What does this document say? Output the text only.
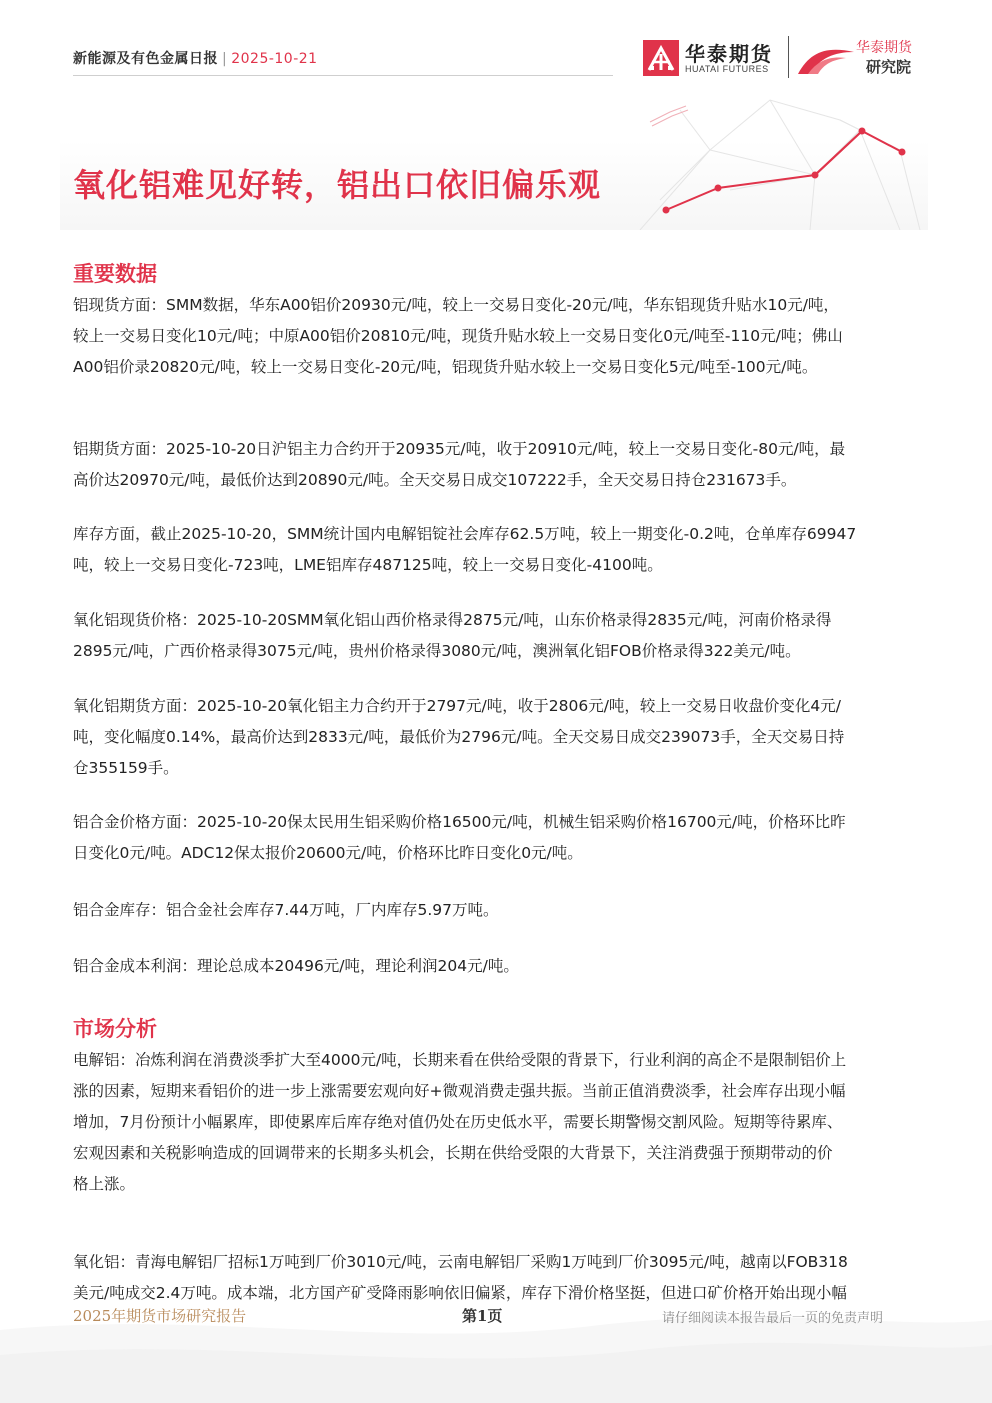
新能源及有色金属日报 | 2025-10-21	华泰期货
HUATAI FUTURES
华泰期货
研究院
氧化铝难见好转，铝出口依旧偏乐观
重要数据

铝现货方面：SMM数据，华东A00铝价20930元/吨，较上一交易日变化-20元/吨，华东铝现货升贴水10元/吨，
较上一交易日变化10元/吨；中原A00铝价20810元/吨，现货升贴水较上一交易日变化0元/吨至-110元/吨；佛山
A00铝价录20820元/吨，较上一交易日变化-20元/吨，铝现货升贴水较上一交易日变化5元/吨至-100元/吨。

铝期货方面：2025-10-20日沪铝主力合约开于20935元/吨，收于20910元/吨，较上一交易日变化-80元/吨，最
高价达20970元/吨，最低价达到20890元/吨。全天交易日成交107222手，全天交易日持仓231673手。

库存方面，截止2025-10-20，SMM统计国内电解铝锭社会库存62.5万吨，较上一期变化-0.2吨，仓单库存69947
吨，较上一交易日变化-723吨，LME铝库存487125吨，较上一交易日变化-4100吨。

氧化铝现货价格：2025-10-20SMM氧化铝山西价格录得2875元/吨，山东价格录得2835元/吨，河南价格录得
2895元/吨，广西价格录得3075元/吨，贵州价格录得3080元/吨，澳洲氧化铝FOB价格录得322美元/吨。

氧化铝期货方面：2025-10-20氧化铝主力合约开于2797元/吨，收于2806元/吨，较上一交易日收盘价变化4元/
吨，变化幅度0.14%，最高价达到2833元/吨，最低价为2796元/吨。全天交易日成交239073手，全天交易日持
仓355159手。

铝合金价格方面：2025-10-20保太民用生铝采购价格16500元/吨，机械生铝采购价格16700元/吨，价格环比昨
日变化0元/吨。ADC12保太报价20600元/吨，价格环比昨日变化0元/吨。

铝合金库存：铝合金社会库存7.44万吨，厂内库存5.97万吨。

铝合金成本利润：理论总成本20496元/吨，理论利润204元/吨。

市场分析

电解铝：冶炼利润在消费淡季扩大至4000元/吨，长期来看在供给受限的背景下，行业利润的高企不是限制铝价上
涨的因素，短期来看铝价的进一步上涨需要宏观向好+微观消费走强共振。当前正值消费淡季，社会库存出现小幅
增加，7月份预计小幅累库，即使累库后库存绝对值仍处在历史低水平，需要长期警惕交割风险。短期等待累库、
宏观因素和关税影响造成的回调带来的长期多头机会，长期在供给受限的大背景下，关注消费强于预期带动的价
格上涨。

氧化铝：青海电解铝厂招标1万吨到厂价3010元/吨，云南电解铝厂采购1万吨到厂价3095元/吨，越南以FOB318
美元/吨成交2.4万吨。成本端，北方国产矿受降雨影响依旧偏紧，库存下滑价格坚挺，但进口矿价格开始出现小幅

2025年期货市场研究报告	第1页	请仔细阅读本报告最后一页的免责声明
